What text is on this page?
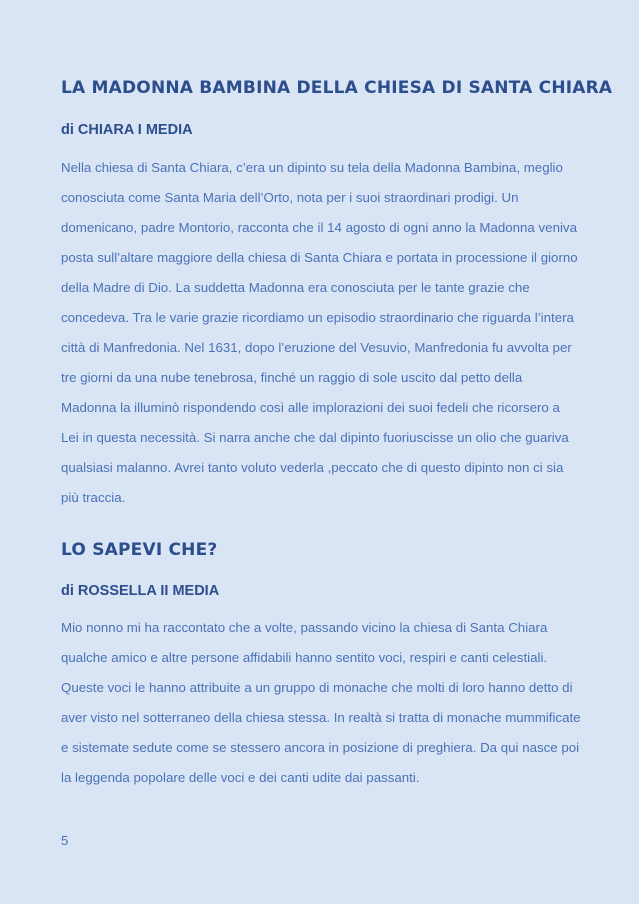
LA MADONNA BAMBINA DELLA CHIESA DI SANTA CHIARA
di CHIARA I MEDIA

Nella chiesa di Santa Chiara, c’era un dipinto su tela della Madonna Bambina, meglio conosciuta come Santa Maria dell’Orto, nota per i suoi straordinari prodigi. Un domenicano, padre Montorio, racconta che il 14 agosto di ogni anno la Madonna veniva posta sull’altare maggiore della chiesa di Santa Chiara e portata in processione il giorno della Madre di Dio. La suddetta Madonna era conosciuta per le tante grazie che concedeva. Tra le varie grazie ricordiamo un episodio straordinario che riguarda l’intera città di Manfredonia. Nel 1631, dopo l’eruzione del Vesuvio, Manfredonia fu avvolta per tre giorni da una nube tenebrosa, finché un raggio di sole uscito dal petto della Madonna la illuminò rispondendo così alle implorazioni dei suoi fedeli che ricorsero a Lei in questa necessità. Si narra anche che dal dipinto fuoriuscisse un olio che guariva qualsiasi malanno. Avrei tanto voluto vederla ,peccato che di questo dipinto non ci sia più traccia.

LO SAPEVI CHE?
di ROSSELLA II MEDIA

Mio nonno mi ha raccontato che a volte, passando vicino la chiesa di Santa Chiara qualche amico e altre persone affidabili hanno sentito voci, respiri e canti celestiali. Queste voci le hanno attribuite a un gruppo di monache che molti di loro hanno detto di aver visto nel sotterraneo della chiesa stessa. In realtà si tratta di monache mummificate e sistemate sedute come se stessero ancora in posizione di preghiera. Da qui nasce poi la leggenda popolare delle voci e dei canti udite dai passanti.

5
